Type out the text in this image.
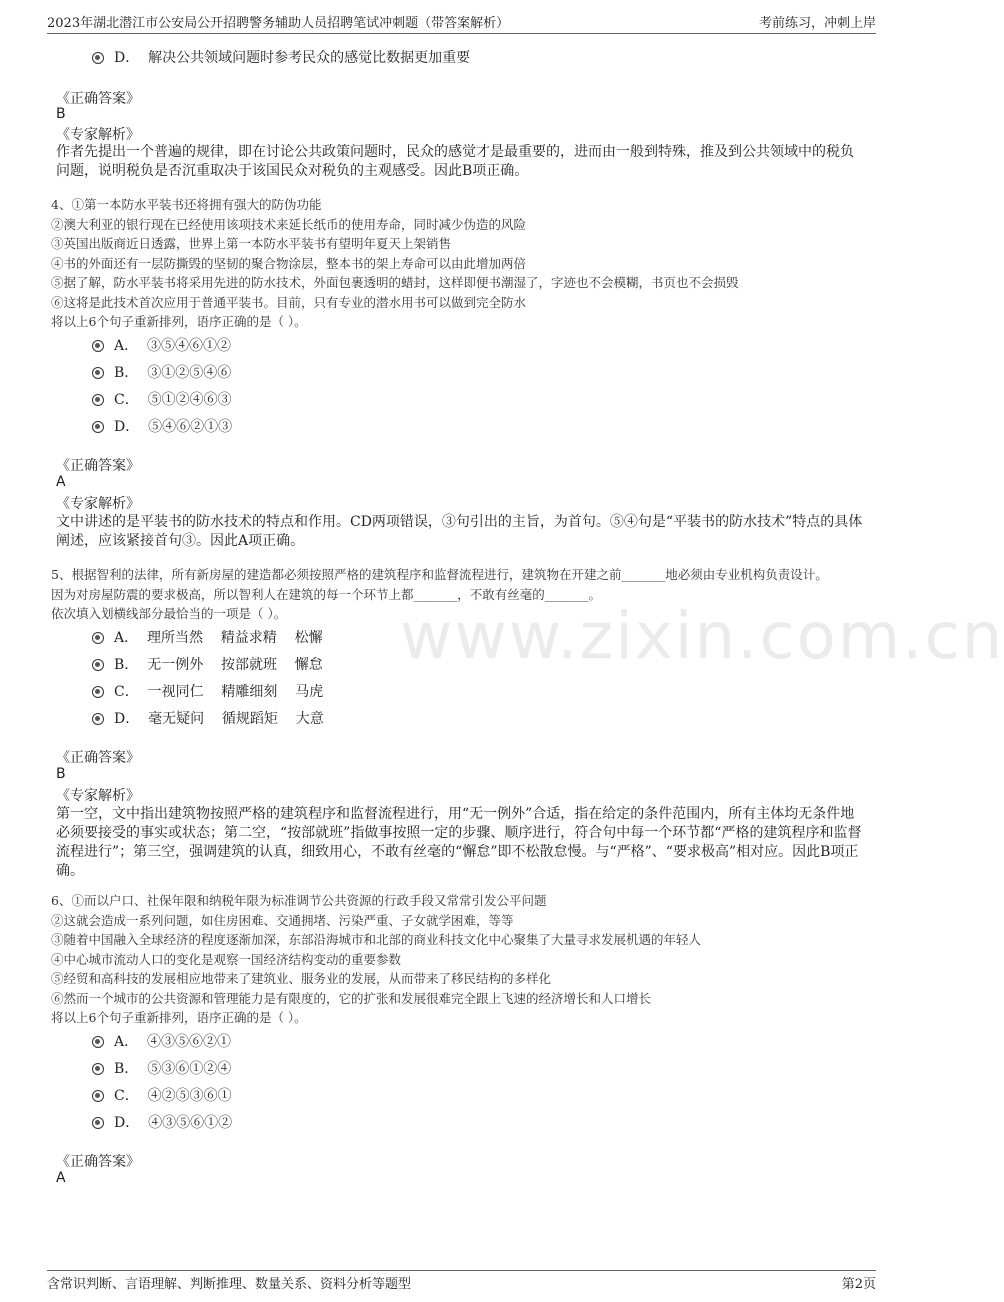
2023年湖北潜江市公安局公开招聘警务辅助人员招聘笔试冲刺题（带答案解析）	考前练习，冲刺上岸
www.zixin.com.cn

D．  解决公共领域问题时参考民众的感觉比数据更加重要

《正确答案》
B
《专家解析》
作者先提出一个普遍的规律，即在讨论公共政策问题时，民众的感觉才是最重要的，进而由一般到特殊，推及到公共领域中的税负问题，说明税负是否沉重取决于该国民众对税负的主观感受。因此B项正确。
4、①第一本防水平装书还将拥有强大的防伪功能
②澳大利亚的银行现在已经使用该项技术来延长纸币的使用寿命，同时减少伪造的风险
③英国出版商近日透露，世界上第一本防水平装书有望明年夏天上架销售
④书的外面还有一层防撕毁的坚韧的聚合物涂层，整本书的架上寿命可以由此增加两倍
⑤据了解，防水平装书将采用先进的防水技术，外面包裹透明的蜡封，这样即便书潮湿了，字迹也不会模糊，书页也不会损毁
⑥这将是此技术首次应用于普通平装书。目前，只有专业的潜水用书可以做到完全防水
将以上6个句子重新排列，语序正确的是（ ）。

A．  ③⑤④⑥①②

B．  ③①②⑤④⑥

C．  ⑤①②④⑥③

D．  ⑤④⑥②①③

《正确答案》
A
《专家解析》
文中讲述的是平装书的防水技术的特点和作用。CD两项错误，③句引出的主旨，为首句。⑤④句是“平装书的防水技术”特点的具体阐述，应该紧接首句③。因此A项正确。
5、根据智利的法律，所有新房屋的建造都必须按照严格的建筑程序和监督流程进行，建筑物在开建之前_______地必须由专业机构负责设计。
因为对房屋防震的要求极高，所以智利人在建筑的每一个环节上都_______，不敢有丝毫的_______。
依次填入划横线部分最恰当的一项是（ ）。

A．  理所当然    精益求精    松懈

B．  无一例外    按部就班    懈怠

C．  一视同仁    精雕细刻    马虎

D．  毫无疑问    循规蹈矩    大意

《正确答案》
B
《专家解析》
第一空，文中指出建筑物按照严格的建筑程序和监督流程进行，用“无一例外”合适，指在给定的条件范围内，所有主体均无条件地必须要接受的事实或状态；第二空，“按部就班”指做事按照一定的步骤、顺序进行，符合句中每一个环节都“严格的建筑程序和监督流程进行”；第三空，强调建筑的认真，细致用心，不敢有丝毫的“懈怠”即不松散怠慢。与“严格”、“要求极高”相对应。因此B项正确。
6、①而以户口、社保年限和纳税年限为标准调节公共资源的行政手段又常常引发公平问题
②这就会造成一系列问题，如住房困难、交通拥堵、污染严重、子女就学困难，等等
③随着中国融入全球经济的程度逐渐加深，东部沿海城市和北部的商业科技文化中心聚集了大量寻求发展机遇的年轻人
④中心城市流动人口的变化是观察一国经济结构变动的重要参数
⑤经贸和高科技的发展相应地带来了建筑业、服务业的发展，从而带来了移民结构的多样化
⑥然而一个城市的公共资源和管理能力是有限度的，它的扩张和发展很难完全跟上飞速的经济增长和人口增长
将以上6个句子重新排列，语序正确的是（ ）。

A．  ④③⑤⑥②①

B．  ⑤③⑥①②④

C．  ④②⑤③⑥①

D．  ④③⑤⑥①②

《正确答案》
A
含常识判断、言语理解、判断推理、数量关系、资料分析等题型	第2页
